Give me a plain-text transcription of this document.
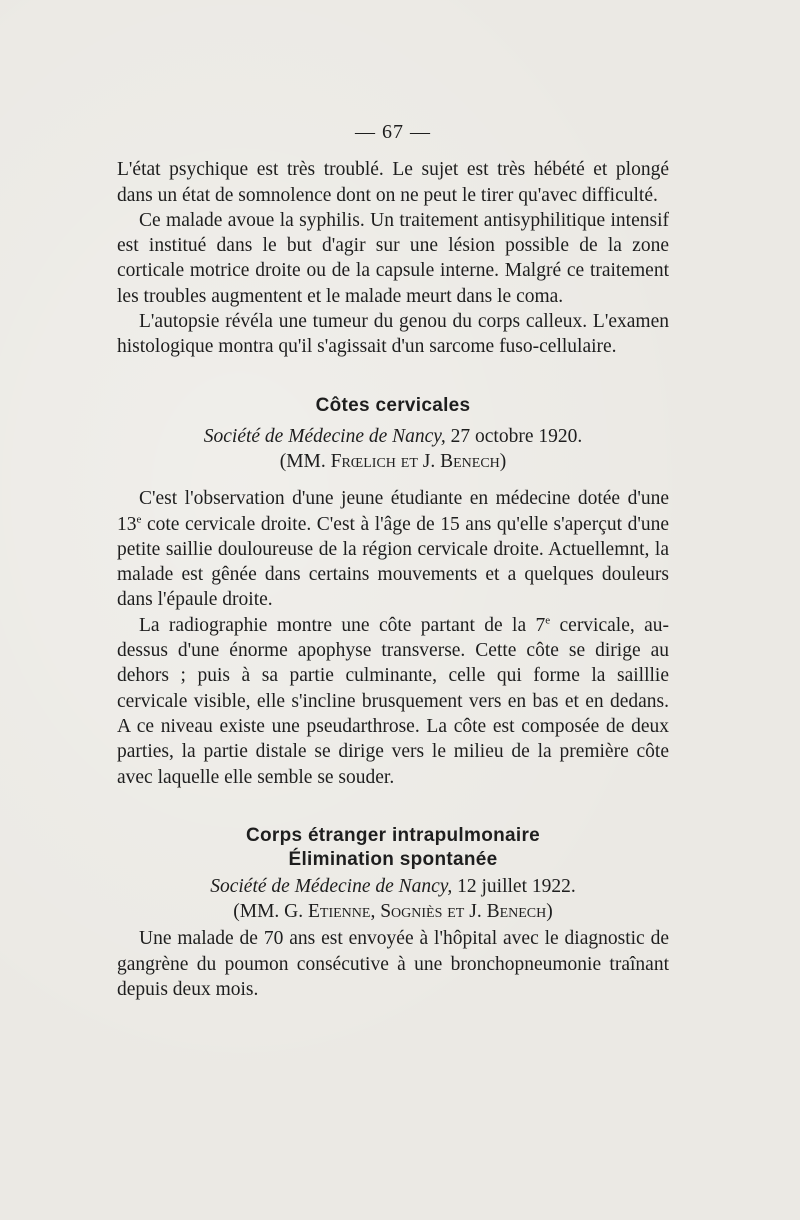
— 67 —

L'état psychique est très troublé. Le sujet est très hébété et plongé dans un état de somnolence dont on ne peut le tirer qu'avec difficulté.

Ce malade avoue la syphilis. Un traitement antisyphilitique intensif est institué dans le but d'agir sur une lésion possible de la zone corticale motrice droite ou de la capsule interne. Malgré ce traitement les troubles augmentent et le malade meurt dans le coma.

L'autopsie révéla une tumeur du genou du corps calleux. L'examen histologique montra qu'il s'agissait d'un sarcome fuso-cellulaire.

Côtes cervicales
Société de Médecine de Nancy, 27 octobre 1920.
(MM. Frœlich et J. Benech)

C'est l'observation d'une jeune étudiante en médecine dotée d'une 13e cote cervicale droite. C'est à l'âge de 15 ans qu'elle s'aperçut d'une petite saillie douloureuse de la région cervicale droite. Actuellemnt, la malade est gênée dans certains mouvements et a quelques douleurs dans l'épaule droite.

La radiographie montre une côte partant de la 7e cervicale, au-dessus d'une énorme apophyse transverse. Cette côte se dirige au dehors ; puis à sa partie culminante, celle qui forme la sailllie cervicale visible, elle s'incline brusquement vers en bas et en dedans. A ce niveau existe une pseudarthrose. La côte est composée de deux parties, la partie distale se dirige vers le milieu de la première côte avec laquelle elle semble se souder.

Corps étranger intrapulmonaire
Élimination spontanée
Société de Médecine de Nancy, 12 juillet 1922.
(MM. G. Etienne, Sogniès et J. Benech)

Une malade de 70 ans est envoyée à l'hôpital avec le diagnostic de gangrène du poumon consécutive à une bronchopneumonie traînant depuis deux mois.
